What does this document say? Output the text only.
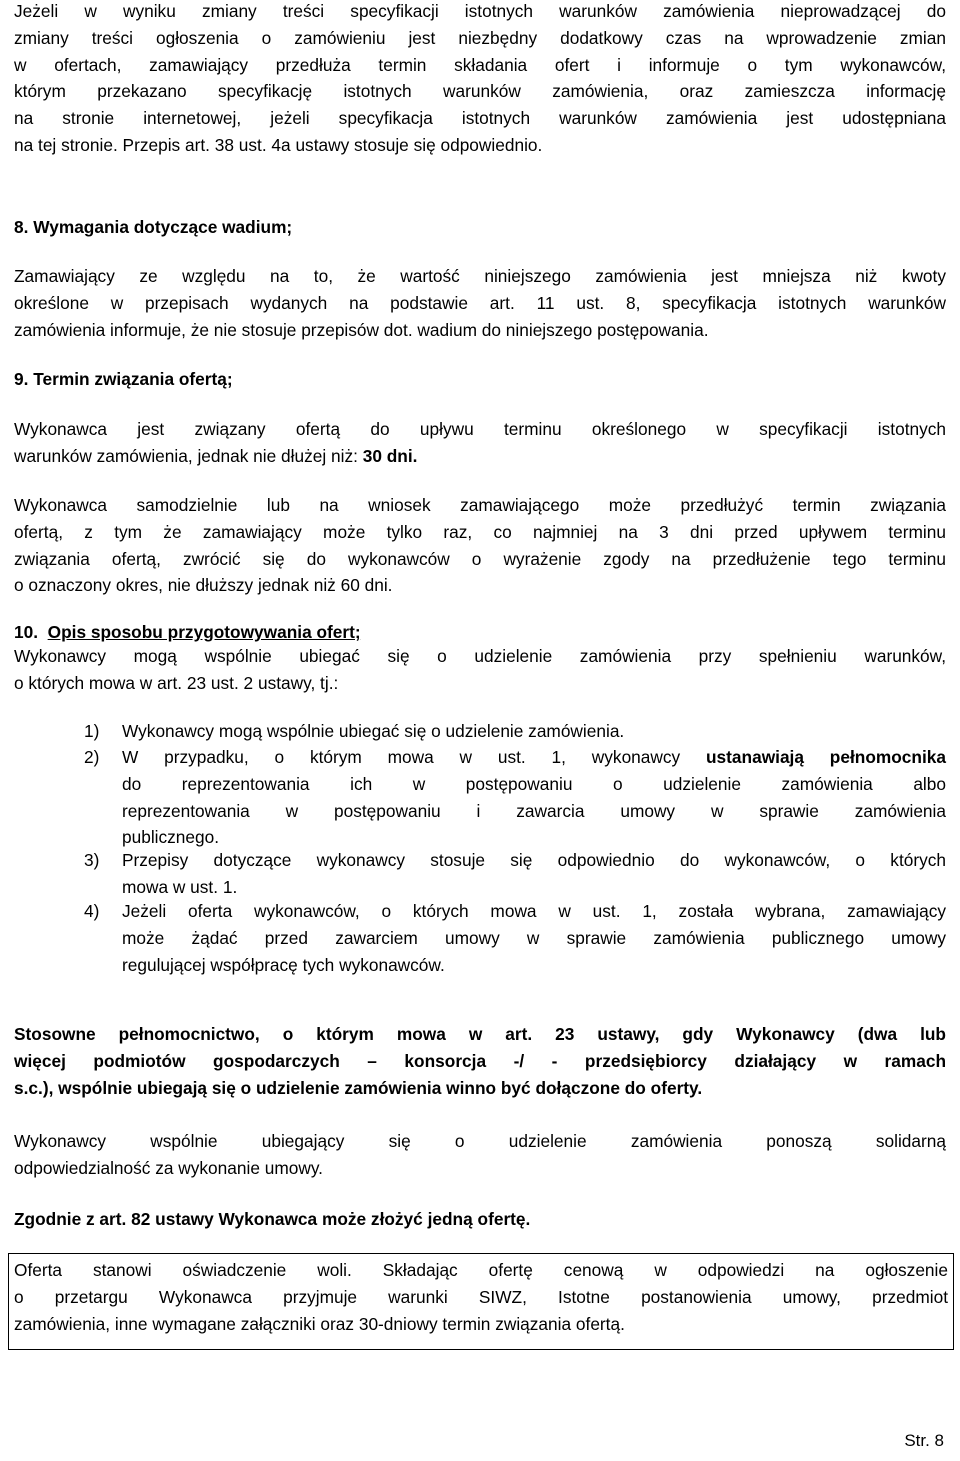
Jeżeli w wyniku zmiany treści specyfikacji istotnych warunków zamówienia nieprowadzącej do
zmiany treści ogłoszenia o zamówieniu jest niezbędny dodatkowy czas na wprowadzenie zmian
w ofertach, zamawiający przedłuża termin składania ofert i informuje o tym wykonawców,
którym przekazano specyfikację istotnych warunków zamówienia, oraz zamieszcza informację
na stronie internetowej, jeżeli specyfikacja istotnych warunków zamówienia jest udostępniana
na tej stronie. Przepis art. 38 ust. 4a ustawy stosuje się odpowiednio.
8. Wymagania dotyczące wadium;
Zamawiający ze względu na to, że wartość niniejszego zamówienia jest mniejsza niż kwoty
określone w przepisach wydanych na podstawie art. 11 ust. 8, specyfikacja istotnych warunków
zamówienia informuje, że nie stosuje przepisów dot. wadium do niniejszego postępowania.
9. Termin związania ofertą;
Wykonawca jest związany ofertą do upływu terminu określonego w specyfikacji istotnych
warunków zamówienia, jednak nie dłużej niż: 30 dni.
Wykonawca samodzielnie lub na wniosek zamawiającego może przedłużyć termin związania
ofertą, z tym że zamawiający może tylko raz, co najmniej na 3 dni przed upływem terminu
związania ofertą, zwrócić się do wykonawców o wyrażenie zgody na przedłużenie tego terminu
o oznaczony okres, nie dłuższy jednak niż 60 dni.
10. Opis sposobu przygotowywania ofert;
Wykonawcy mogą wspólnie ubiegać się o udzielenie zamówienia przy spełnieniu warunków,
o których mowa w art. 23 ust. 2 ustawy, tj.:
1)	Wykonawcy mogą wspólnie ubiegać się o udzielenie zamówienia.
2)	W przypadku, o którym mowa w ust. 1, wykonawcy ustanawiają pełnomocnika
do reprezentowania ich w postępowaniu o udzielenie zamówienia albo
reprezentowania w postępowaniu i zawarcia umowy w sprawie zamówienia
publicznego.
3)	Przepisy dotyczące wykonawcy stosuje się odpowiednio do wykonawców, o których
mowa w ust. 1.
4)	Jeżeli oferta wykonawców, o których mowa w ust. 1, została wybrana, zamawiający
może żądać przed zawarciem umowy w sprawie zamówienia publicznego umowy
regulującej współpracę tych wykonawców.
Stosowne pełnomocnictwo, o którym mowa w art. 23 ustawy, gdy Wykonawcy (dwa lub
więcej podmiotów gospodarczych – konsorcja -/ - przedsiębiorcy działający w ramach
s.c.), wspólnie ubiegają się o udzielenie zamówienia winno być dołączone do oferty.
Wykonawcy wspólnie ubiegający się o udzielenie zamówienia ponoszą solidarną
odpowiedzialność za wykonanie umowy.
Zgodnie z art. 82 ustawy Wykonawca może złożyć jedną ofertę.
Oferta stanowi oświadczenie woli. Składając ofertę cenową w odpowiedzi na ogłoszenie
o przetargu Wykonawca przyjmuje warunki SIWZ, Istotne postanowienia umowy, przedmiot
zamówienia, inne wymagane załączniki oraz 30-dniowy termin związania ofertą.
Str. 8
